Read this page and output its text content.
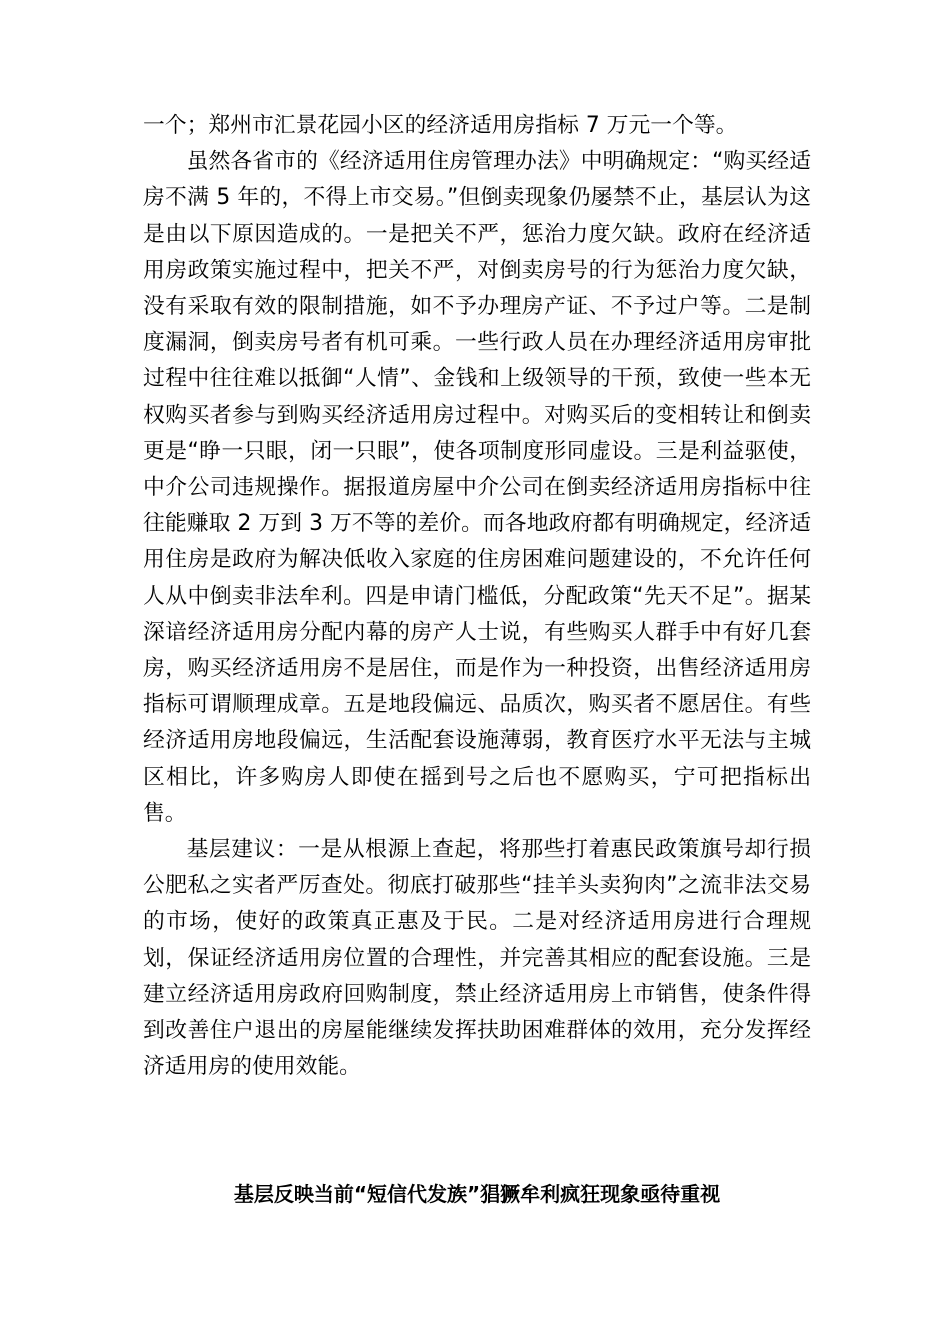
一个；郑州市汇景花园小区的经济适用房指标 7 万元一个等。

虽然各省市的《经济适用住房管理办法》中明确规定：“购买经适房不满 5 年的，不得上市交易。”但倒卖现象仍屡禁不止，基层认为这是由以下原因造成的。一是把关不严，惩治力度欠缺。政府在经济适用房政策实施过程中，把关不严，对倒卖房号的行为惩治力度欠缺，没有采取有效的限制措施，如不予办理房产证、不予过户等。二是制度漏洞，倒卖房号者有机可乘。一些行政人员在办理经济适用房审批过程中往往难以抵御“人情”、金钱和上级领导的干预，致使一些本无权购买者参与到购买经济适用房过程中。对购买后的变相转让和倒卖更是“睁一只眼，闭一只眼”，使各项制度形同虚设。三是利益驱使，中介公司违规操作。据报道房屋中介公司在倒卖经济适用房指标中往往能赚取 2 万到 3 万不等的差价。而各地政府都有明确规定，经济适用住房是政府为解决低收入家庭的住房困难问题建设的，不允许任何人从中倒卖非法牟利。四是申请门槛低，分配政策“先天不足”。据某深谙经济适用房分配内幕的房产人士说，有些购买人群手中有好几套房，购买经济适用房不是居住，而是作为一种投资，出售经济适用房指标可谓顺理成章。五是地段偏远、品质次，购买者不愿居住。有些经济适用房地段偏远，生活配套设施薄弱，教育医疗水平无法与主城区相比，许多购房人即使在摇到号之后也不愿购买，宁可把指标出售。

基层建议：一是从根源上查起，将那些打着惠民政策旗号却行损公肥私之实者严厉查处。彻底打破那些“挂羊头卖狗肉”之流非法交易的市场，使好的政策真正惠及于民。二是对经济适用房进行合理规划，保证经济适用房位置的合理性，并完善其相应的配套设施。三是建立经济适用房政府回购制度，禁止经济适用房上市销售，使条件得到改善住户退出的房屋能继续发挥扶助困难群体的效用，充分发挥经济适用房的使用效能。

基层反映当前“短信代发族”猖獗牟利疯狂现象亟待重视
